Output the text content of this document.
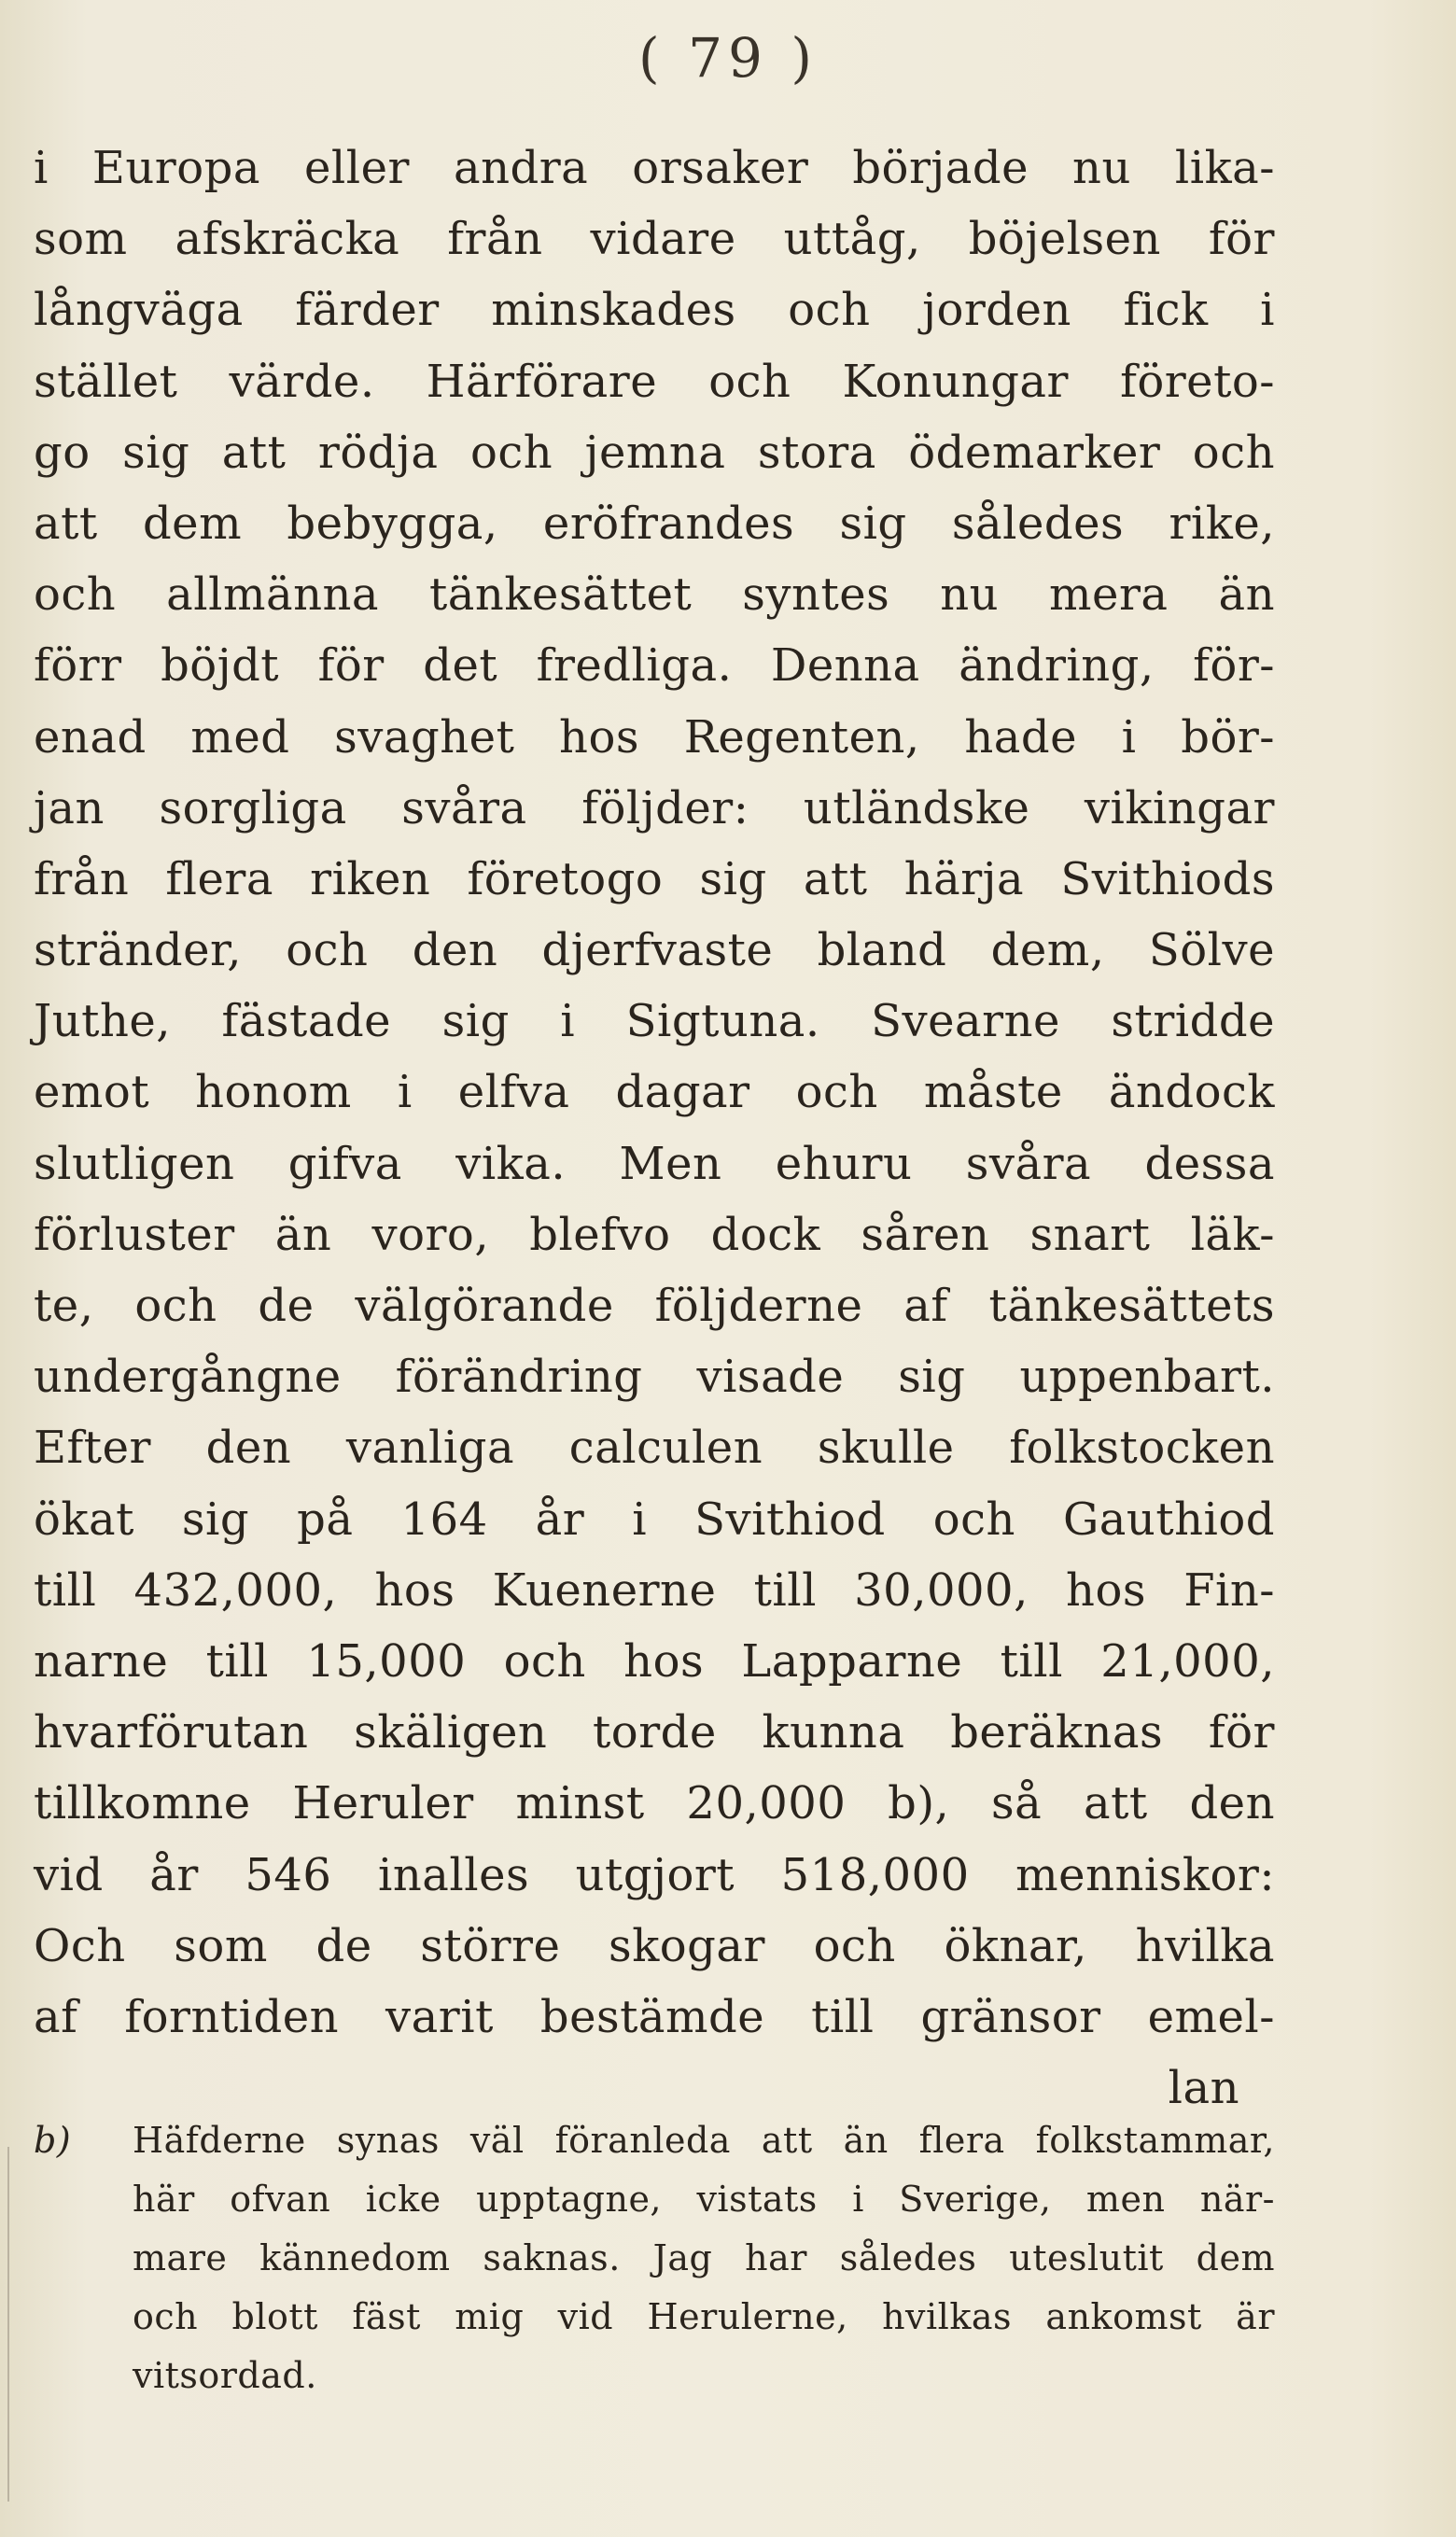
( 79 )
i Europa eller andra orsaker började nu lika-
som afskräcka från vidare uttåg, böjelsen för
långväga färder minskades och jorden fick i
stället värde. Härförare och Konungar företo-
go sig att rödja och jemna stora ödemarker och
att dem bebygga, eröfrandes sig således rike,
och allmänna tänkesättet syntes nu mera än
förr böjdt för det fredliga. Denna ändring, för-
enad med svaghet hos Regenten, hade i bör-
jan sorgliga svåra följder: utländske vikingar
från flera riken företogo sig att härja Svithiods
stränder, och den djerfvaste bland dem, Sölve
Juthe, fästade sig i Sigtuna. Svearne stridde
emot honom i elfva dagar och måste ändock
slutligen gifva vika. Men ehuru svåra dessa
förluster än voro, blefvo dock såren snart läk-
te, och de välgörande följderne af tänkesättets
undergångne förändring visade sig uppenbart.
Efter den vanliga calculen skulle folkstocken
ökat sig på 164 år i Svithiod och Gauthiod
till 432,000, hos Kuenerne till 30,000, hos Fin-
narne till 15,000 och hos Lapparne till 21,000,
hvarförutan skäligen torde kunna beräknas för
tillkomne Heruler minst 20,000 b), så att den
vid år 546 inalles utgjort 518,000 menniskor:
Och som de större skogar och öknar, hvilka
af forntiden varit bestämde till gränsor emel-
lan
b) Häfderne synas väl föranleda att än flera folkstammar,
här ofvan icke upptagne, vistats i Sverige, men när-
mare kännedom saknas. Jag har således uteslutit dem
och blott fäst mig vid Herulerne, hvilkas ankomst är
vitsordad.
